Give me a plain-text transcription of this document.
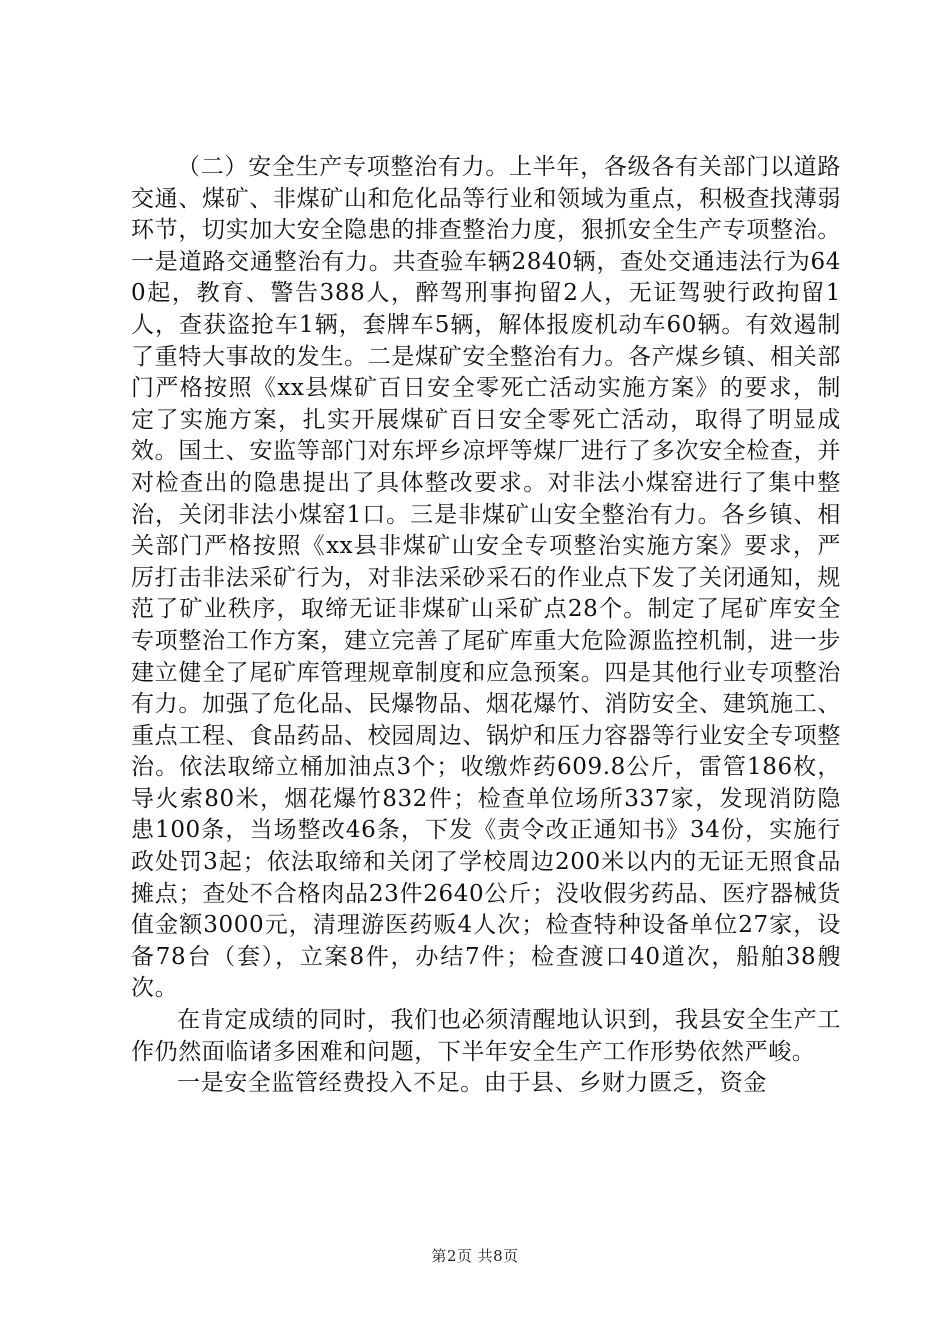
（二）安全生产专项整治有力。上半年，各级各有关部门以道路交通、煤矿、非煤矿山和危化品等行业和领域为重点，积极查找薄弱环节，切实加大安全隐患的排查整治力度，狠抓安全生产专项整治。一是道路交通整治有力。共查验车辆2840辆，查处交通违法行为640起，教育、警告388人，醉驾刑事拘留2人，无证驾驶行政拘留1人，查获盗抢车1辆，套牌车5辆，解体报废机动车60辆。有效遏制了重特大事故的发生。二是煤矿安全整治有力。各产煤乡镇、相关部门严格按照《xx县煤矿百日安全零死亡活动实施方案》的要求，制定了实施方案，扎实开展煤矿百日安全零死亡活动，取得了明显成效。国土、安监等部门对东坪乡凉坪等煤厂进行了多次安全检查，并对检查出的隐患提出了具体整改要求。对非法小煤窑进行了集中整治，关闭非法小煤窑1口。三是非煤矿山安全整治有力。各乡镇、相关部门严格按照《xx县非煤矿山安全专项整治实施方案》要求，严厉打击非法采矿行为，对非法采砂采石的作业点下发了关闭通知，规范了矿业秩序，取缔无证非煤矿山采矿点28个。制定了尾矿库安全专项整治工作方案，建立完善了尾矿库重大危险源监控机制，进一步建立健全了尾矿库管理规章制度和应急预案。四是其他行业专项整治有力。加强了危化品、民爆物品、烟花爆竹、消防安全、建筑施工、重点工程、食品药品、校园周边、锅炉和压力容器等行业安全专项整治。依法取缔立桶加油点3个；收缴炸药609.8公斤，雷管186枚，导火索80米，烟花爆竹832件；检查单位场所337家，发现消防隐患100条，当场整改46条，下发《责令改正通知书》34份，实施行政处罚3起；依法取缔和关闭了学校周边200米以内的无证无照食品摊点；查处不合格肉品23件2640公斤；没收假劣药品、医疗器械货值金额3000元，清理游医药贩4人次；检查特种设备单位27家，设备78台（套），立案8件，办结7件；检查渡口40道次，船舶38艘次。

在肯定成绩的同时，我们也必须清醒地认识到，我县安全生产工作仍然面临诸多困难和问题，下半年安全生产工作形势依然严峻。

一是安全监管经费投入不足。由于县、乡财力匮乏，资金

第2页 共8页
